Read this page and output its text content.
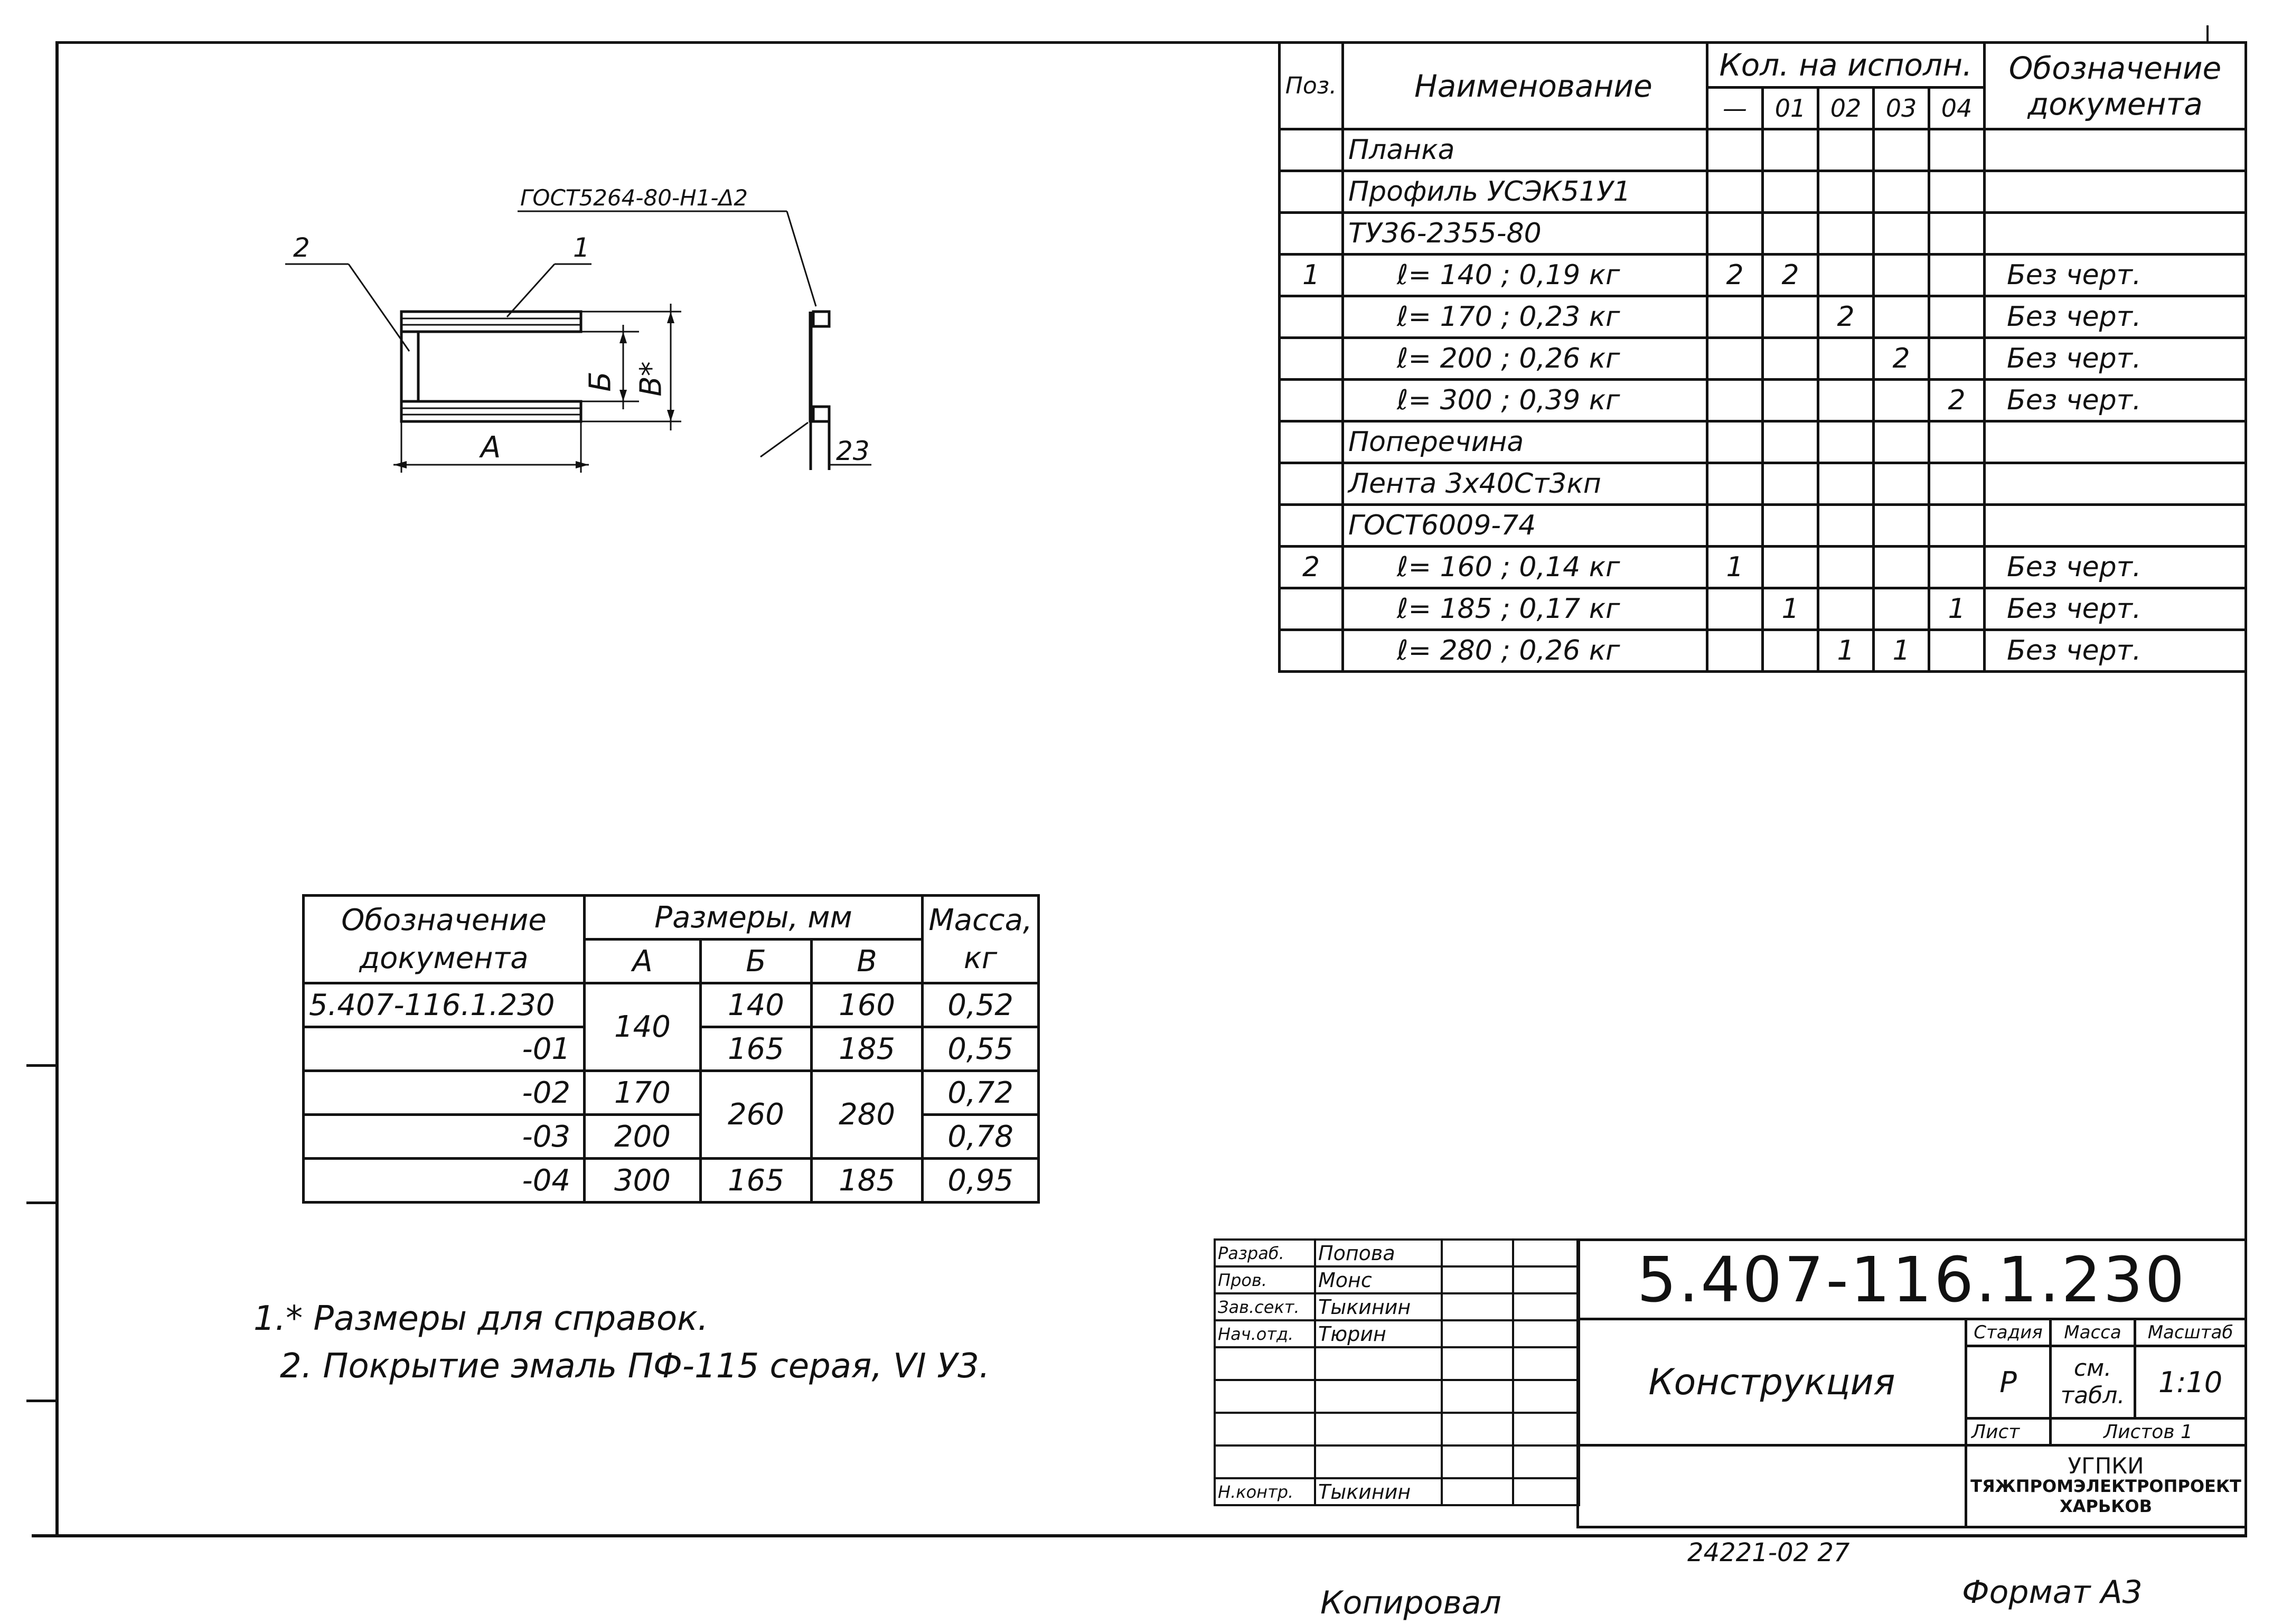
Поз.	Наименование	Кол. на исполн.					Обозначение документа
		—	01	02	03	04	
	Планка						
	Профиль УСЭК51У1						
	ТУ36-2355-80						
1	ℓ= 140 ; 0,19 кг	2	2				Без черт.
	ℓ= 170 ; 0,23 кг			2			Без черт.
	ℓ= 200 ; 0,26 кг				2		Без черт.
	ℓ= 300 ; 0,39 кг					2	Без черт.
	Поперечина						
	Лента 3х40Ст3кп						
	ГОСТ6009-74						
2	ℓ= 160 ; 0,14 кг	1					Без черт.
	ℓ= 185 ; 0,17 кг		1			1	Без черт.
	ℓ= 280 ; 0,26 кг			1	1		Без черт.
ГОСТ5264-80-Н1-Δ2
2	1
А
Б В*
23
Обозначение документа	Размеры, мм			Масса, кг
	А	Б	В	
5.407-116.1.230	140	140	160	0,52
-01		165	185	0,55
-02	170	260	280	0,72
-03	200			0,78
-04	300	165	185	0,95
1.* Размеры для справок.
2. Покрытие эмаль ПФ-115 серая, VI У3.
Разраб.	Попова		
Пров.	Монс		
Зав.сект.	Тыкинин		
Нач.отд.	Тюрин		

Н.контр.	Тыкинин		
5.407-116.1.230			
Конструкция	Стадия	Масса	Масштаб
	Р	см. табл.	1:10
	Лист	Листов 1	

	УГПКИ
ТЯЖПРОМЭЛЕКТРОПРОЕКТ
ХАРЬКОВ		
24221-02 27
Копировал	Формат А3
